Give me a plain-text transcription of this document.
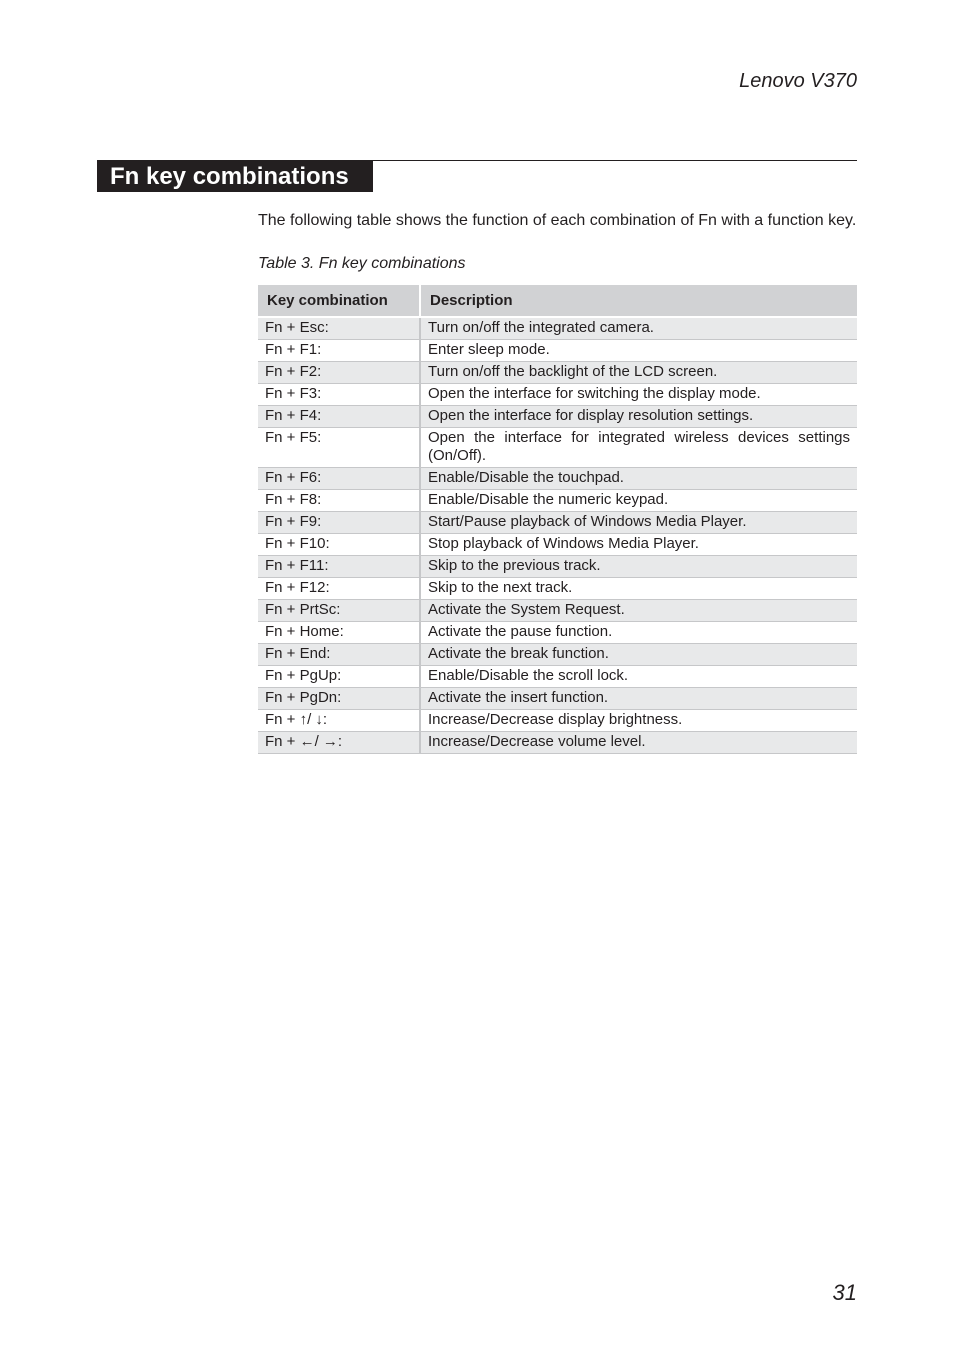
Lenovo V370
Fn key combinations

The following table shows the function of each combination of Fn with a function key.

Table 3. Fn key combinations

Key combination	Description
Fn + Esc:	Turn on/off the integrated camera.
Fn + F1:	Enter sleep mode.
Fn + F2:	Turn on/off the backlight of the LCD screen.
Fn + F3:	Open the interface for switching the display mode.
Fn + F4:	Open the interface for display resolution settings.
Fn + F5:	Open the interface for integrated wireless devices settings (On/Off).
Fn + F6:	Enable/Disable the touchpad.
Fn + F8:	Enable/Disable the numeric keypad.
Fn + F9:	Start/Pause playback of Windows Media Player.
Fn + F10:	Stop playback of Windows Media Player.
Fn + F11:	Skip to the previous track.
Fn + F12:	Skip to the next track.
Fn + PrtSc:	Activate the System Request.
Fn + Home:	Activate the pause function.
Fn + End:	Activate the break function.
Fn + PgUp:	Enable/Disable the scroll lock.
Fn + PgDn:	Activate the insert function.
Fn + ↑/ ↓:	Increase/Decrease display brightness.
Fn + ←/ →:	Increase/Decrease volume level.
31
